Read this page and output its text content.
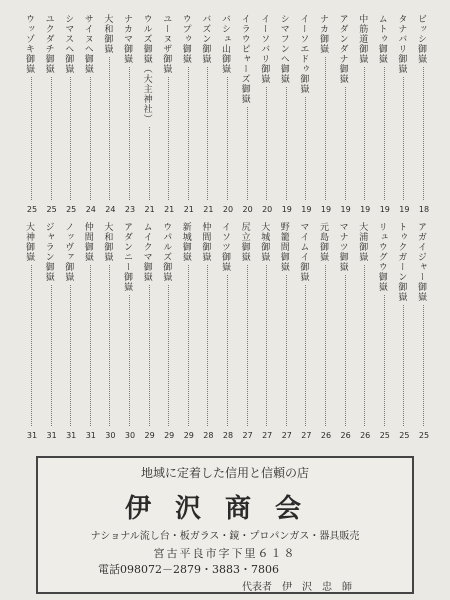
ビッシ御嶽
18
タナバリ御嶽
19
ムトゥ御嶽
19
中筋道御嶽
19
アダンダナ御嶽
19
ナカ御嶽
19
イーソエドゥ御嶽
19
シマフンヘ御嶽
19
イーソバリ御嶽
20
イラウピャーズ御嶽
20
バシュ山御嶽
20
バズン御嶽
21
ウプゥ御嶽
21
ユーヌザ御嶽
21
ウルズ御嶽（大主神社）
21
ナカマ御嶽
23
大和御嶽
24
サイヌヘ御嶽
24
シマスヘ御嶽
25
ユクダチ御嶽
25
ウッゾキ御嶽
25
アガイジャー御嶽
25
トゥクガーン御嶽
25
リュウグウ御嶽
25
大浦御嶽
26
マナツ御嶽
26
元島御嶽
26
マイムイ御嶽
27
野籠間御嶽
27
大城御嶽
27
尻立御嶽
27
イソツ御嶽
28
仲間御嶽
28
新城御嶽
29
ウパルズ御嶽
29
ムイクマ御嶽
29
アダンニー御嶽
30
大和御嶽
30
仲間御嶽
31
ノッヴァ御嶽
31
ジャラン御嶽
31
大神御嶽
31
地域に定着した信用と信頼の店
伊沢商会
ナショナル流し台・板ガラス・鏡・プロパンガス・器具販売
宮古平良市字下里６１８
電話098072－2879・3883・7806
代表者　伊　沢　忠　師
